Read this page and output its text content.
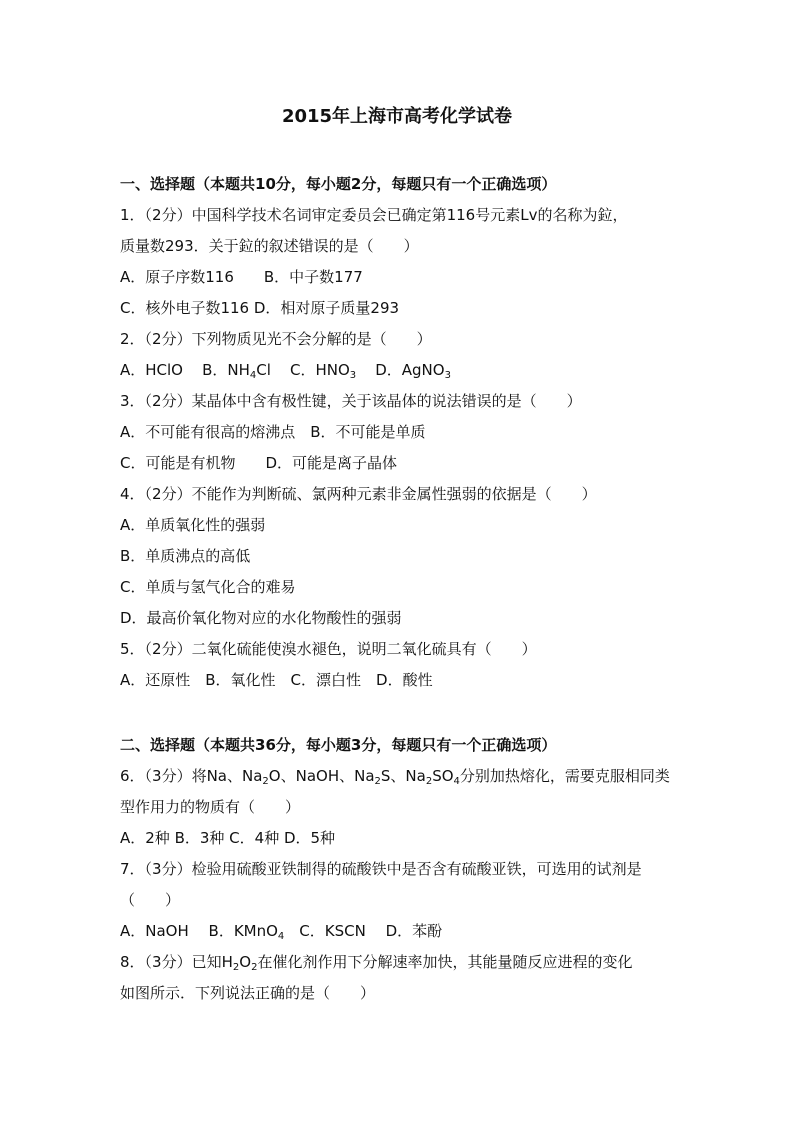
2015年上海市高考化学试卷
一、选择题（本题共10分，每小题2分，每题只有一个正确选项）
1．（2分）中国科学技术名词审定委员会已确定第116号元素Lv的名称为鉝，
质量数293．关于鉝的叙述错误的是（　　）
A．原子序数116　　B．中子数177
C．核外电子数116 D．相对原子质量293
2．（2分）下列物质见光不会分解的是（　　）
A．HClO B．$NH_4Cl$ C．$HNO_3$ D．AgNO$_3$
3．（2分）某晶体中含有极性键，关于该晶体的说法错误的是（　　）
A．不可能有很高的熔沸点　B．不可能是单质
C．可能是有机物　　D．可能是离子晶体
4．（2分）不能作为判断硫、氯两种元素非金属性强弱的依据是（　　）
A．单质氧化性的强弱
B．单质沸点的高低
C．单质与氢气化合的难易
D．最高价氧化物对应的水化物酸性的强弱
5．（2分）二氧化硫能使溴水褪色，说明二氧化硫具有（　　）
A．还原性　B．氧化性　C．漂白性　D．酸性
二、选择题（本题共36分，每小题3分，每题只有一个正确选项）
6．（3分）将Na、$Na_2O$、NaOH、$Na_2S$、$Na_2SO_4$分别加热熔化，需要克服相同类
型作用力的物质有（　　）
A．2种 B．3种 C．4种 D．5种
7．（3分）检验用硫酸亚铁制得的硫酸铁中是否含有硫酸亚铁，可选用的试剂是
（　　）
A．NaOH　 B．KMnO$_4$　C．KSCN　 D．苯酚
8．（3分）已知$H_2O_2$在催化剂作用下分解速率加快，其能量随反应进程的变化
如图所示．下列说法正确的是（　　）
